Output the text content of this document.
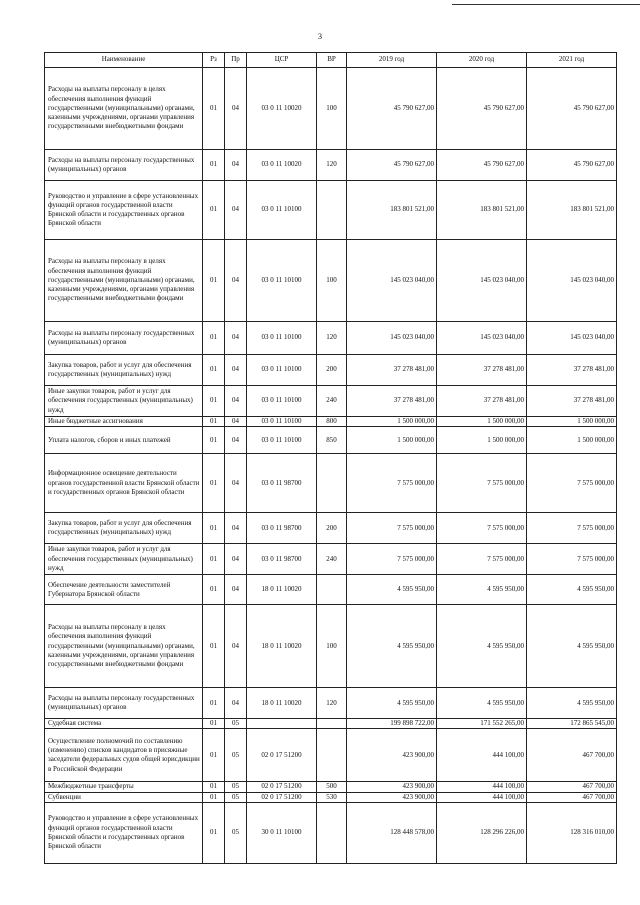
3
Наименование	Рз	Пр	ЦСР	ВР	2019 год	2020 год	2021 год
Расходы на выплаты персоналу в целях обеспечения выполнения функций государственными (муниципальными) органами, казенными учреждениями, органами управления государственными внебюджетными фондами	01	04	03 0 11 10020	100	45 790 627,00	45 790 627,00	45 790 627,00
Расходы на выплаты персоналу государственных (муниципальных) органов	01	04	03 0 11 10020	120	45 790 627,00	45 790 627,00	45 790 627,00
Руководство и управление в сфере установленных функций органов государственной власти Брянской области и государственных органов Брянской области	01	04	03 0 11 10100		183 801 521,00	183 801 521,00	183 801 521,00
Расходы на выплаты персоналу в целях обеспечения выполнения функций государственными (муниципальными) органами, казенными учреждениями, органами управления государственными внебюджетными фондами	01	04	03 0 11 10100	100	145 023 040,00	145 023 040,00	145 023 040,00
Расходы на выплаты персоналу государственных (муниципальных) органов	01	04	03 0 11 10100	120	145 023 040,00	145 023 040,00	145 023 040,00
Закупка товаров, работ и услуг для обеспечения государственных (муниципальных) нужд	01	04	03 0 11 10100	200	37 278 481,00	37 278 481,00	37 278 481,00
Иные закупки товаров, работ и услуг для обеспечения государственных (муниципальных) нужд	01	04	03 0 11 10100	240	37 278 481,00	37 278 481,00	37 278 481,00
Иные бюджетные ассигнования	01	04	03 0 11 10100	800	1 500 000,00	1 500 000,00	1 500 000,00
Уплата налогов, сборов и иных платежей	01	04	03 0 11 10100	850	1 500 000,00	1 500 000,00	1 500 000,00
Информационное освещение деятельности органов государственной власти Брянской области и государственных органов Брянской области	01	04	03 0 11 98700		7 575 000,00	7 575 000,00	7 575 000,00
Закупка товаров, работ и услуг для обеспечения государственных (муниципальных) нужд	01	04	03 0 11 98700	200	7 575 000,00	7 575 000,00	7 575 000,00
Иные закупки товаров, работ и услуг для обеспечения государственных (муниципальных) нужд	01	04	03 0 11 98700	240	7 575 000,00	7 575 000,00	7 575 000,00
Обеспечение деятельности заместителей Губернатора Брянской области	01	04	18 0 11 10020		4 595 950,00	4 595 950,00	4 595 950,00
Расходы на выплаты персоналу в целях обеспечения выполнения функций государственными (муниципальными) органами, казенными учреждениями, органами управления государственными внебюджетными фондами	01	04	18 0 11 10020	100	4 595 950,00	4 595 950,00	4 595 950,00
Расходы на выплаты персоналу государственных (муниципальных) органов	01	04	18 0 11 10020	120	4 595 950,00	4 595 950,00	4 595 950,00
Судебная система	01	05			199 898 722,00	171 552 265,00	172 865 545,00
Осуществление полномочий по составлению (изменению) списков кандидатов в присяжные заседатели федеральных судов общей юрисдикции в Российской Федерации	01	05	02 0 17 51200		423 900,00	444 100,00	467 700,00
Межбюджетные трансферты	01	05	02 0 17 51200	500	423 900,00	444 100,00	467 700,00
Субвенции	01	05	02 0 17 51200	530	423 900,00	444 100,00	467 700,00
Руководство и управление в сфере установленных функций органов государственной власти Брянской области и государственных органов Брянской области	01	05	30 0 11 10100		128 448 578,00	128 296 226,00	128 316 010,00
